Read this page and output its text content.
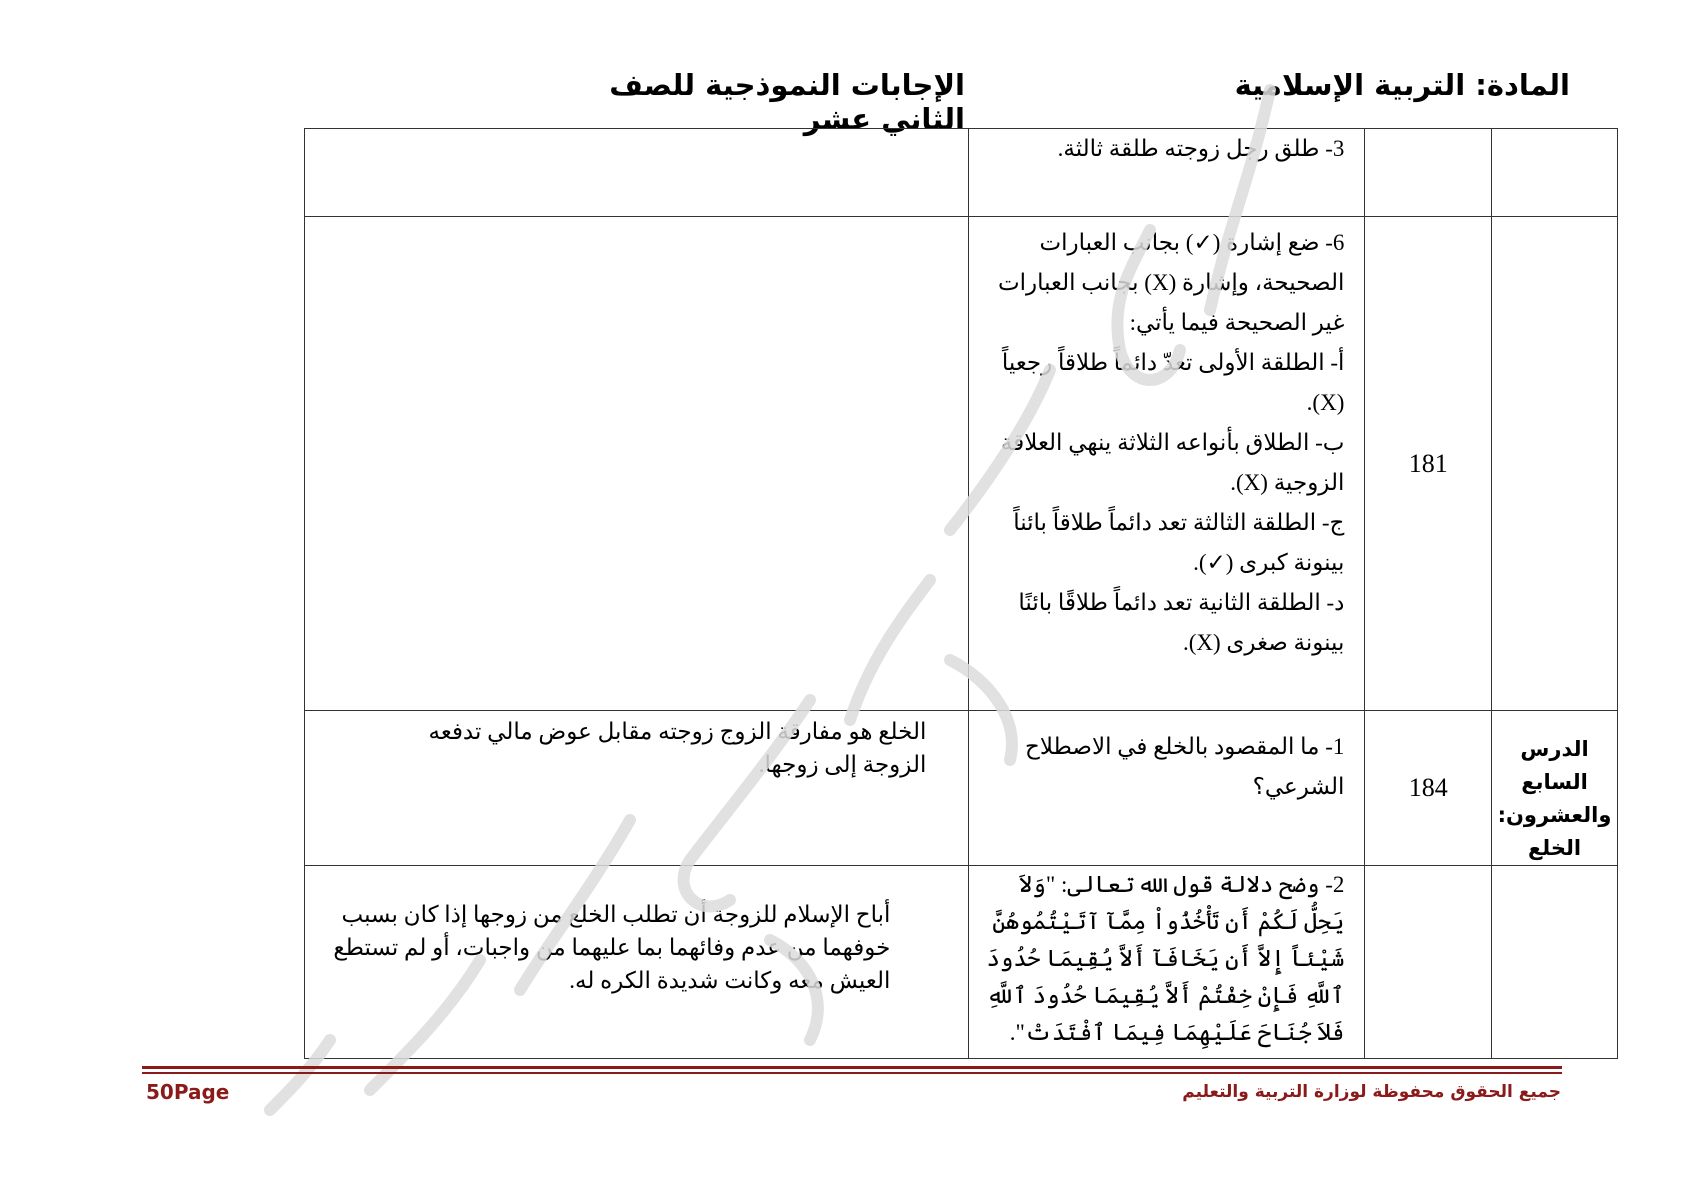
المادة: التربية الإسلامية
الإجابات النموذجية للصف الثاني عشر

		3- طلق رجل زوجته طلقة ثالثة.	

	181	6- ضع إشارة (✓) بجانب العبارات الصحيحة، وإشارة (X) بجانب العبارات غير الصحيحة فيما يأتي:
أ- الطلقة الأولى تعدّ دائماً طلاقاً رجعياً (X).
ب- الطلاق بأنواعه الثلاثة ينهي العلاقة الزوجية (X).
ج- الطلقة الثالثة تعد دائماً طلاقاً بائناً بينونة كبرى (✓).
د- الطلقة الثانية تعد دائماً طلاقًا بائنًا بينونة صغرى (X).	

الدرس السابع والعشرون: الخلع	184	1- ما المقصود بالخلع في الاصطلاح الشرعي؟	الخلع هو مفارقة الزوج زوجته مقابل عوض مالي تدفعه الزوجة إلى زوجها.

		2- وضح دلالة قول الله تعالى: "وَلاَ يَحِلُّ لَكُمْ أَن تَأْخُذُواْ مِمَّآ آتَيْتُمُوهُنَّ شَيْئاً إِلاَّ أَن يَخَافَآ أَلاَّ يُقِيمَا حُدُودَ ٱللَّهِ فَإِنْ خِفْتُمْ أَلاَّ يُقِيمَا حُدُودَ ٱللَّهِ فَلاَ جُنَاحَ عَلَيْهِمَا فِيمَا ٱفْتَدَتْ".	أباح الإسلام للزوجة أن تطلب الخلع من زوجها إذا كان بسبب خوفهما من عدم وفائهما بما عليهما من واجبات، أو لم تستطع العيش معه وكانت شديدة الكره له.
50Page	جميع الحقوق محفوظة لوزارة التربية والتعليم
